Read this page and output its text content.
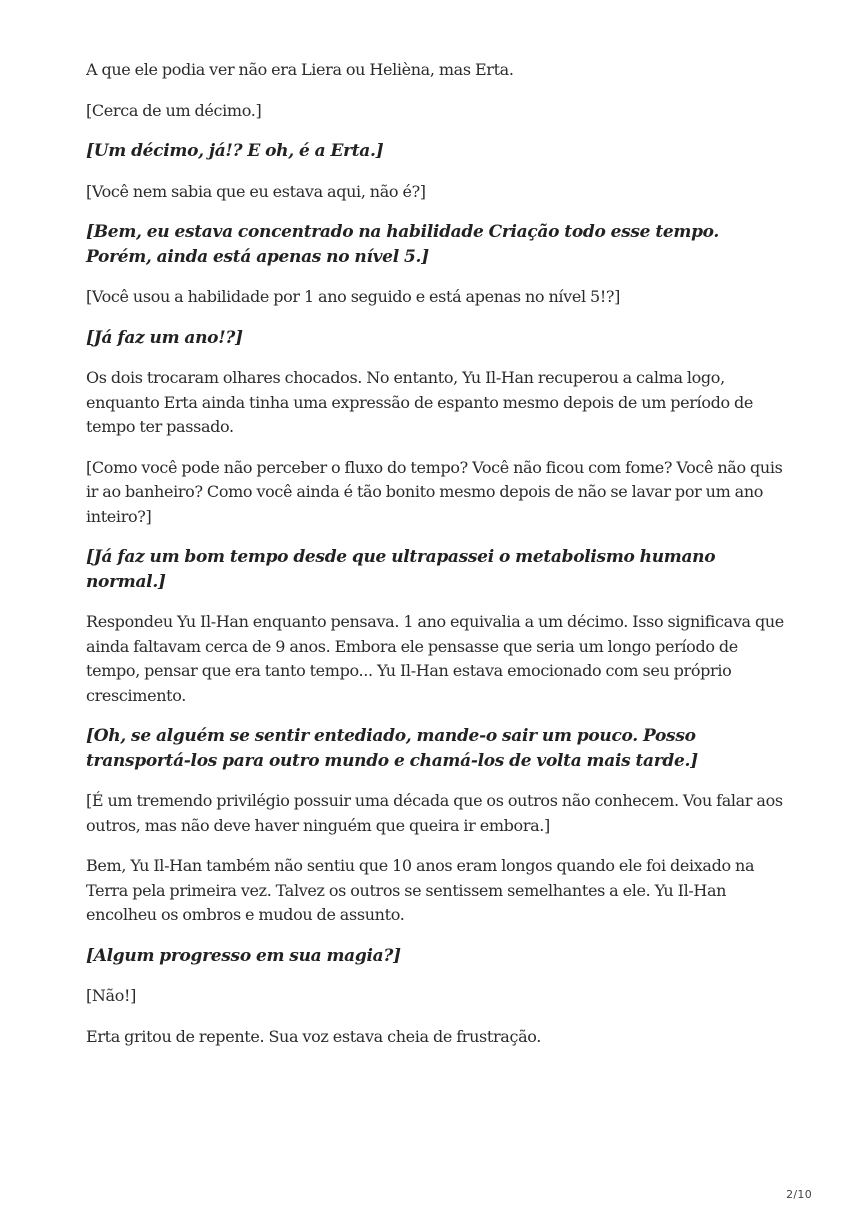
A que ele podia ver não era Liera ou Helièna, mas Erta.

[Cerca de um décimo.]

[Um décimo, já!? E oh, é a Erta.]

[Você nem sabia que eu estava aqui, não é?]

[Bem, eu estava concentrado na habilidade Criação todo esse tempo. Porém, ainda está apenas no nível 5.]

[Você usou a habilidade por 1 ano seguido e está apenas no nível 5!?]

[Já faz um ano!?]

Os dois trocaram olhares chocados. No entanto, Yu Il-Han recuperou a calma logo, enquanto Erta ainda tinha uma expressão de espanto mesmo depois de um período de tempo ter passado.

[Como você pode não perceber o fluxo do tempo? Você não ficou com fome? Você não quis ir ao banheiro? Como você ainda é tão bonito mesmo depois de não se lavar por um ano inteiro?]

[Já faz um bom tempo desde que ultrapassei o metabolismo humano normal.]

Respondeu Yu Il-Han enquanto pensava. 1 ano equivalia a um décimo. Isso significava que ainda faltavam cerca de 9 anos. Embora ele pensasse que seria um longo período de tempo, pensar que era tanto tempo... Yu Il-Han estava emocionado com seu próprio crescimento.

[Oh, se alguém se sentir entediado, mande-o sair um pouco. Posso transportá-los para outro mundo e chamá-los de volta mais tarde.]

[É um tremendo privilégio possuir uma década que os outros não conhecem. Vou falar aos outros, mas não deve haver ninguém que queira ir embora.]

Bem, Yu Il-Han também não sentiu que 10 anos eram longos quando ele foi deixado na Terra pela primeira vez. Talvez os outros se sentissem semelhantes a ele. Yu Il-Han encolheu os ombros e mudou de assunto.

[Algum progresso em sua magia?]

[Não!]

Erta gritou de repente. Sua voz estava cheia de frustração.

2/10
